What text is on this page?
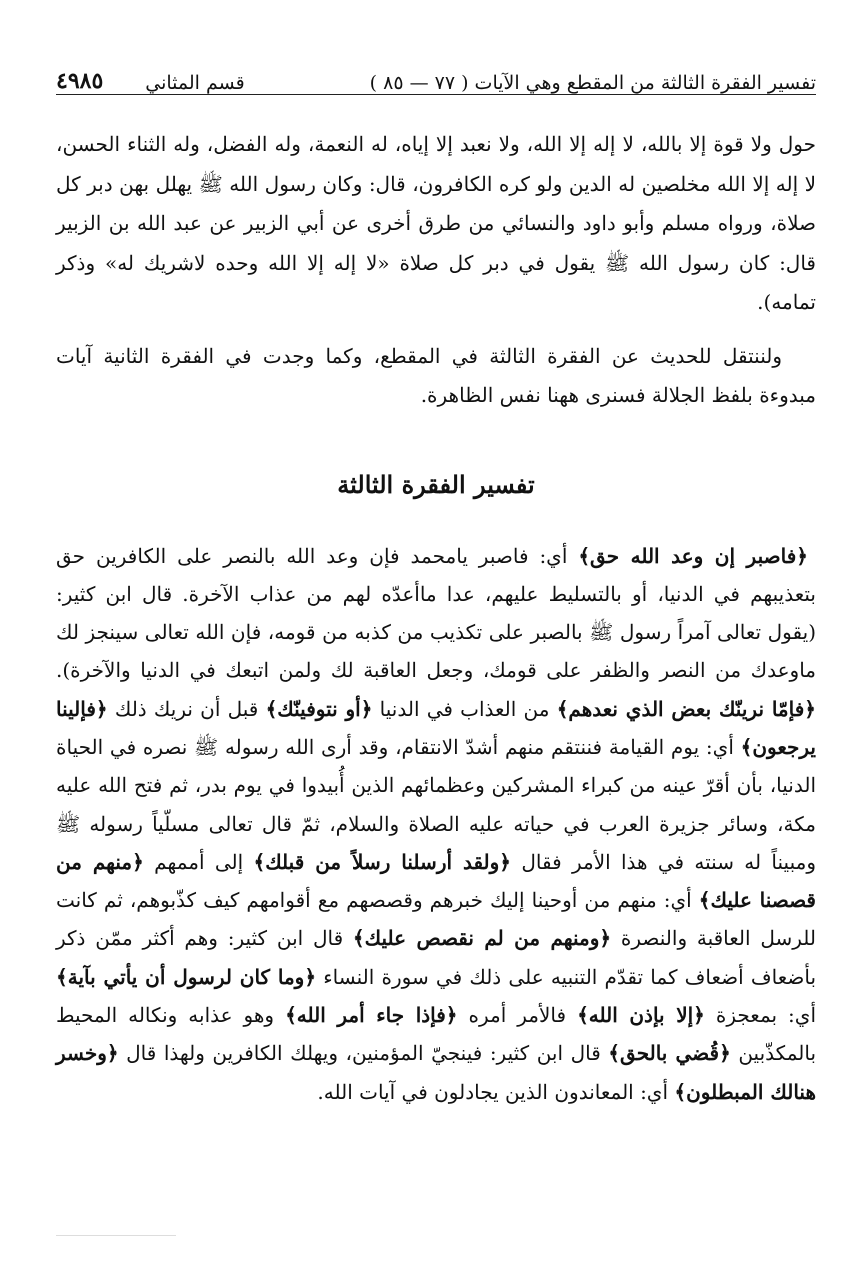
تفسير الفقرة الثالثة من المقطع وهي الآيات ( ٧٧ — ٨٥ )
قسم المثاني
٤٩٨٥

حول ولا قوة إلا بالله، لا إله إلا الله، ولا نعبد إلا إياه، له النعمة، وله الفضل، وله الثناء الحسن، لا إله إلا الله مخلصين له الدين ولو كره الكافرون، قال: وكان رسول الله ﷺ يهلل بهن دبر كل صلاة، ورواه مسلم وأبو داود والنسائي من طرق أخرى عن أبي الزبير عن عبد الله بن الزبير قال: كان رسول الله ﷺ يقول في دبر كل صلاة «لا إله إلا الله وحده لاشريك له» وذكر تمامه).

ولننتقل للحديث عن الفقرة الثالثة في المقطع، وكما وجدت في الفقرة الثانية آيات مبدوءة بلفظ الجلالة فسنرى ههنا نفس الظاهرة.

تفسير الفقرة الثالثة

﴿فاصبر إن وعد الله حق﴾ أي: فاصبر يامحمد فإن وعد الله بالنصر على الكافرين حق بتعذيبهم في الدنيا، أو بالتسليط عليهم، عدا ماأعدّه لهم من عذاب الآخرة. قال ابن كثير: (يقول تعالى آمراً رسول ﷺ بالصبر على تكذيب من كذبه من قومه، فإن الله تعالى سينجز لك ماوعدك من النصر والظفر على قومك، وجعل العاقبة لك ولمن اتبعك في الدنيا والآخرة). ﴿فإمّا نرينّك بعض الذي نعدهم﴾ من العذاب في الدنيا ﴿أو نتوفينّك﴾ قبل أن نريك ذلك ﴿فإلينا يرجعون﴾ أي: يوم القيامة فننتقم منهم أشدّ الانتقام، وقد أرى الله رسوله ﷺ نصره في الحياة الدنيا، بأن أقرّ عينه من كبراء المشركين وعظمائهم الذين أُبيدوا في يوم بدر، ثم فتح الله عليه مكة، وسائر جزيرة العرب في حياته عليه الصلاة والسلام، ثمّ قال تعالى مسلّياً رسوله ﷺ ومبيناً له سنته في هذا الأمر فقال ﴿ولقد أرسلنا رسلاً من قبلك﴾ إلى أممهم ﴿منهم من قصصنا عليك﴾ أي: منهم من أوحينا إليك خبرهم وقصصهم مع أقوامهم كيف كذّبوهم، ثم كانت للرسل العاقبة والنصرة ﴿ومنهم من لم نقصص عليك﴾ قال ابن كثير: وهم أكثر ممّن ذكر بأضعاف أضعاف كما تقدّم التنبيه على ذلك في سورة النساء ﴿وما كان لرسول أن يأتي بآية﴾ أي: بمعجزة ﴿إلا بإذن الله﴾ فالأمر أمره ﴿فإذا جاء أمر الله﴾ وهو عذابه ونكاله المحيط بالمكذّبين ﴿قُضي بالحق﴾ قال ابن كثير: فينجيّ المؤمنين، ويهلك الكافرين ولهذا قال ﴿وخسر هنالك المبطلون﴾ أي: المعاندون الذين يجادلون في آيات الله.
